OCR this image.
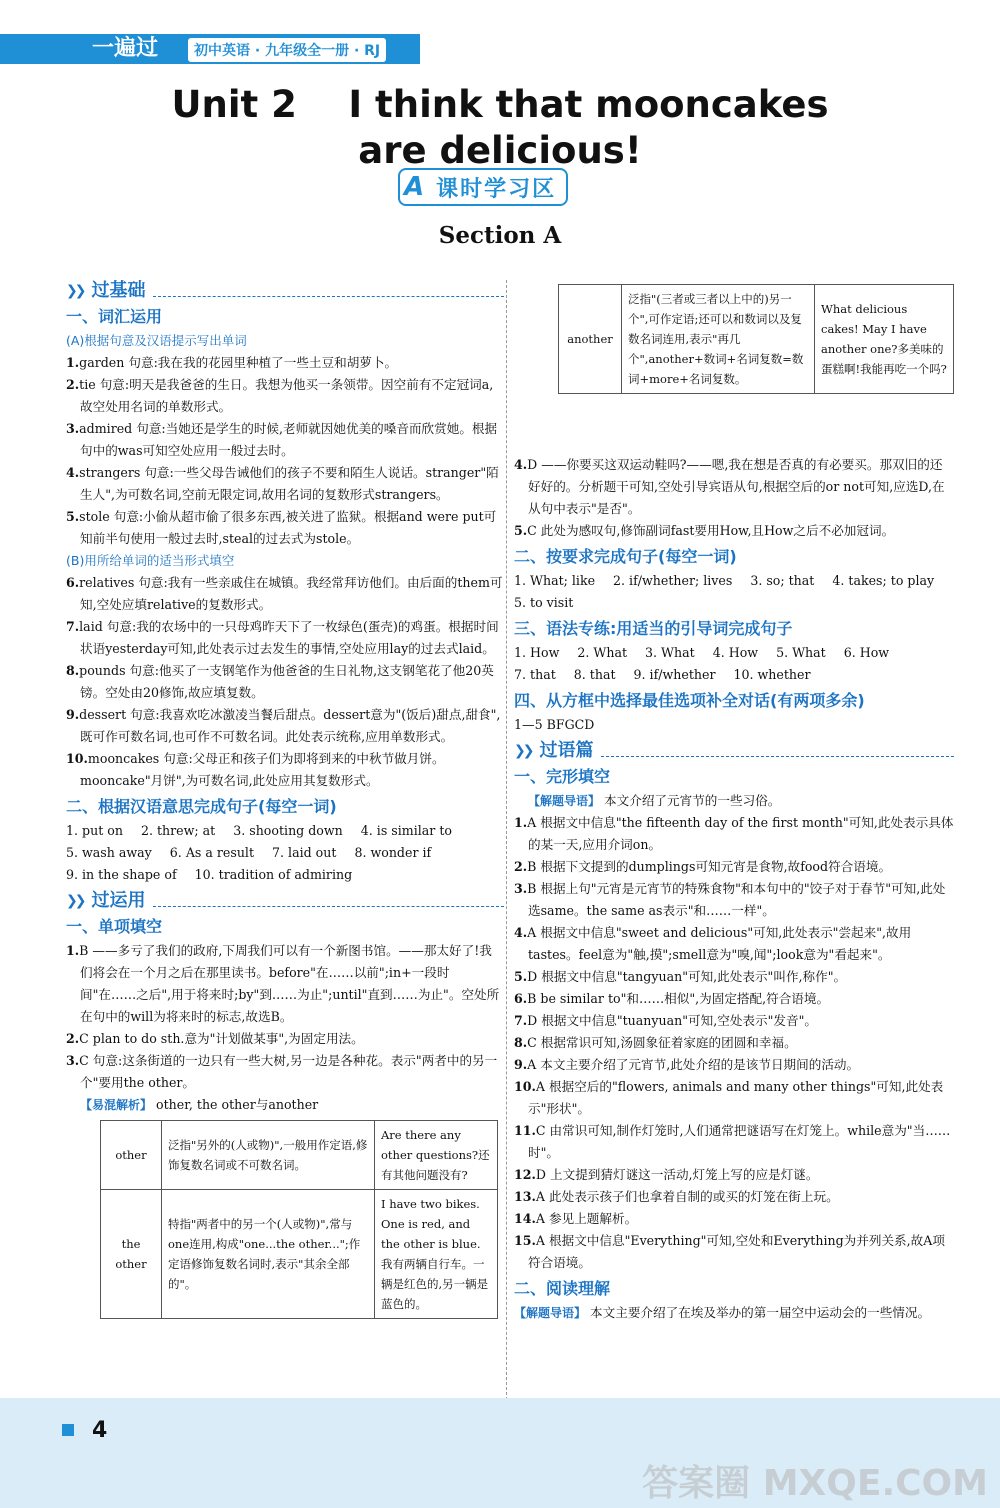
一遍过	初中英语 · 九年级全一册 · RJ
Unit 2    I think that mooncakes
are delicious!
A 课时学习区
Section A
❯❯ 过基础
一、词汇运用
(A)根据句意及汉语提示写出单词
1.garden 句意:我在我的花园里种植了一些土豆和胡萝卜。
2.tie 句意:明天是我爸爸的生日。我想为他买一条领带。因空前有不定冠词a,故空处用名词的单数形式。
3.admired 句意:当她还是学生的时候,老师就因她优美的嗓音而欣赏她。根据句中的was可知空处应用一般过去时。
4.strangers 句意:一些父母告诫他们的孩子不要和陌生人说话。stranger"陌生人",为可数名词,空前无限定词,故用名词的复数形式strangers。
5.stole 句意:小偷从超市偷了很多东西,被关进了监狱。根据and were put可知前半句使用一般过去时,steal的过去式为stole。
(B)用所给单词的适当形式填空
6.relatives 句意:我有一些亲戚住在城镇。我经常拜访他们。由后面的them可知,空处应填relative的复数形式。
7.laid 句意:我的农场中的一只母鸡昨天下了一枚绿色(蛋壳)的鸡蛋。根据时间状语yesterday可知,此处表示过去发生的事情,空处应用lay的过去式laid。
8.pounds 句意:他买了一支钢笔作为他爸爸的生日礼物,这支钢笔花了他20英镑。空处由20修饰,故应填复数。
9.dessert 句意:我喜欢吃冰激凌当餐后甜点。dessert意为"(饭后)甜点,甜食",既可作可数名词,也可作不可数名词。此处表示统称,应用单数形式。
10.mooncakes 句意:父母正和孩子们为即将到来的中秋节做月饼。mooncake"月饼",为可数名词,此处应用其复数形式。
二、根据汉语意思完成句子(每空一词)
1. put on 2. threw; at 3. shooting down 4. is similar to
5. wash away 6. As a result 7. laid out 8. wonder if
9. in the shape of 10. tradition of admiring
❯❯ 过运用
一、单项填空
1.B ——多亏了我们的政府,下周我们可以有一个新图书馆。——那太好了!我们将会在一个月之后在那里读书。before"在……以前";in+一段时间"在……之后",用于将来时;by"到……为止";until"直到……为止"。空处所在句中的will为将来时的标志,故选B。
2.C plan to do sth.意为"计划做某事",为固定用法。
3.C 句意:这条街道的一边只有一些大树,另一边是各种花。表示"两者中的另一个"要用the other。
【易混解析】 other, the other与another
other	泛指"另外的(人或物)",一般用作定语,修饰复数名词或不可数名词。	Are there any other questions?还有其他问题没有?
the other	特指"两者中的另一个(人或物)",常与one连用,构成"one...the other...";作定语修饰复数名词时,表示"其余全部的"。	I have two bikes. One is red, and the other is blue.我有两辆自行车。一辆是红色的,另一辆是蓝色的。
another	泛指"(三者或三者以上中的)另一个",可作定语;还可以和数词以及复数名词连用,表示"再几个",another+数词+名词复数=数词+more+名词复数。	What delicious cakes! May I have another one?多美味的蛋糕啊!我能再吃一个吗?
4.D ——你要买这双运动鞋吗?——嗯,我在想是否真的有必要买。那双旧的还好好的。分析题干可知,空处引导宾语从句,根据空后的or not可知,应选D,在从句中表示"是否"。
5.C 此处为感叹句,修饰副词fast要用How,且How之后不必加冠词。
二、按要求完成句子(每空一词)
1. What; like 2. if/whether; lives 3. so; that 4. takes; to play
5. to visit
三、语法专练:用适当的引导词完成句子
1. How 2. What 3. What 4. How 5. What 6. How
7. that 8. that 9. if/whether 10. whether
四、从方框中选择最佳选项补全对话(有两项多余)
1—5 BFGCD
❯❯ 过语篇
一、完形填空
【解题导语】 本文介绍了元宵节的一些习俗。
1.A 根据文中信息"the fifteenth day of the first month"可知,此处表示具体的某一天,应用介词on。
2.B 根据下文提到的dumplings可知元宵是食物,故food符合语境。
3.B 根据上句"元宵是元宵节的特殊食物"和本句中的"饺子对于春节"可知,此处选same。the same as表示"和……一样"。
4.A 根据文中信息"sweet and delicious"可知,此处表示"尝起来",故用tastes。feel意为"触,摸";smell意为"嗅,闻";look意为"看起来"。
5.D 根据文中信息"tangyuan"可知,此处表示"叫作,称作"。
6.B be similar to"和……相似",为固定搭配,符合语境。
7.D 根据文中信息"tuanyuan"可知,空处表示"发音"。
8.C 根据常识可知,汤圆象征着家庭的团圆和幸福。
9.A 本文主要介绍了元宵节,此处介绍的是该节日期间的活动。
10.A 根据空后的"flowers, animals and many other things"可知,此处表示"形状"。
11.C 由常识可知,制作灯笼时,人们通常把谜语写在灯笼上。while意为"当……时"。
12.D 上文提到猜灯谜这一活动,灯笼上写的应是灯谜。
13.A 此处表示孩子们也拿着自制的或买的灯笼在街上玩。
14.A 参见上题解析。
15.A 根据文中信息"Everything"可知,空处和Everything为并列关系,故A项符合语境。
二、阅读理解
【解题导语】 本文主要介绍了在埃及举办的第一届空中运动会的一些情况。
4
答案圈 MXQE.COM
